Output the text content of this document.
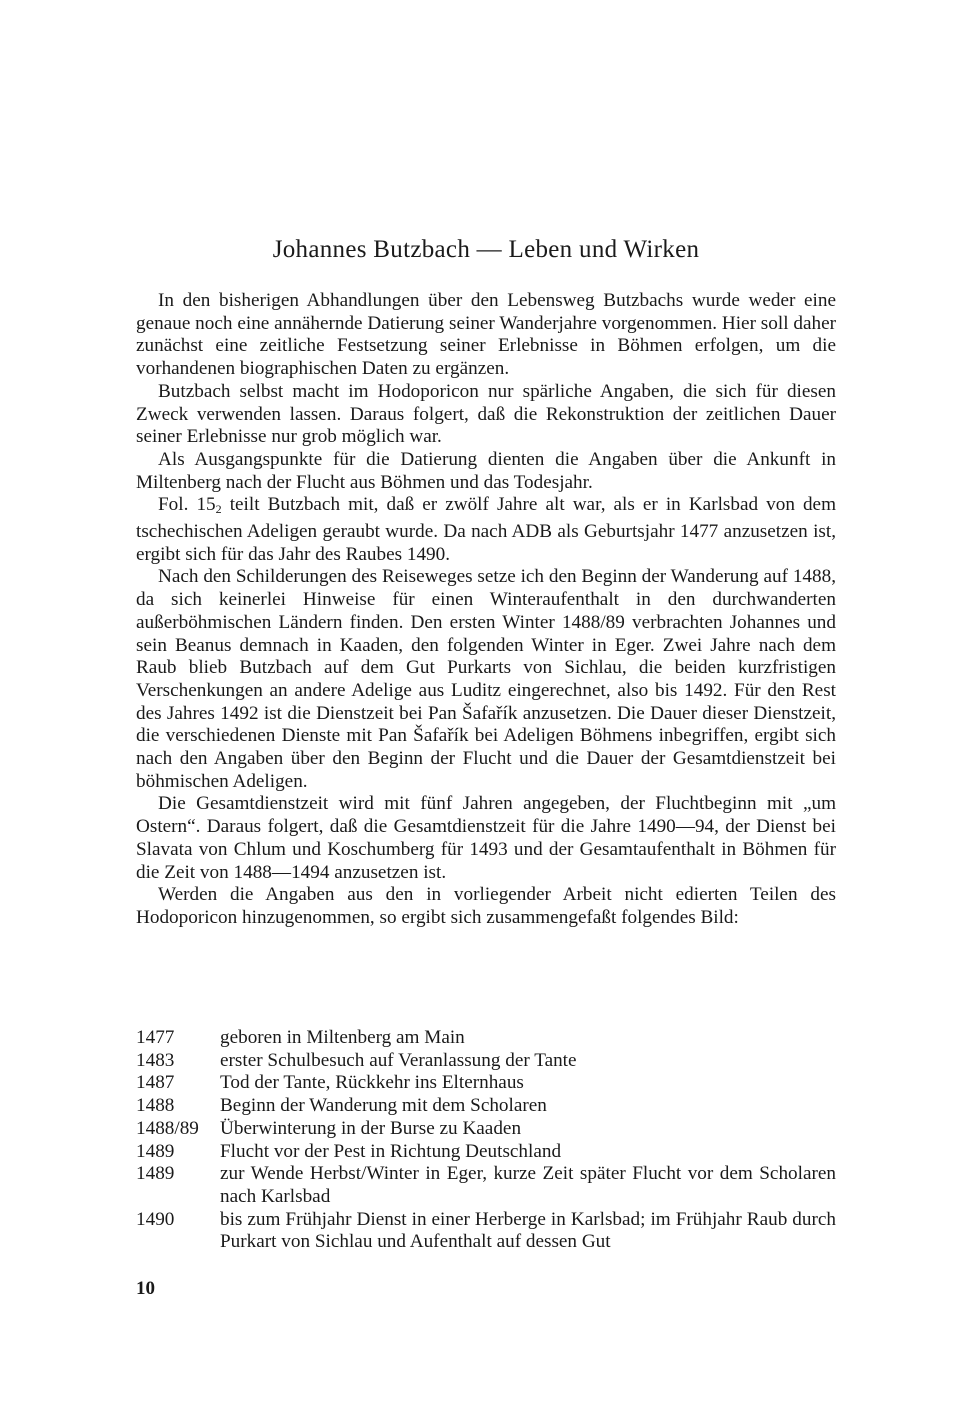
Johannes Butzbach — Leben und Wirken

In den bisherigen Abhandlungen über den Lebensweg Butzbachs wurde weder eine genaue noch eine annähernde Datierung seiner Wanderjahre vorgenommen. Hier soll daher zunächst eine zeitliche Festsetzung seiner Erlebnisse in Böhmen erfolgen, um die vorhandenen biographischen Daten zu ergänzen.

Butzbach selbst macht im Hodoporicon nur spärliche Angaben, die sich für diesen Zweck verwenden lassen. Daraus folgert, daß die Rekonstruktion der zeitlichen Dauer seiner Erlebnisse nur grob möglich war.

Als Ausgangspunkte für die Datierung dienten die Angaben über die Ankunft in Miltenberg nach der Flucht aus Böhmen und das Todesjahr.

Fol. $15_2$ teilt Butzbach mit, daß er zwölf Jahre alt war, als er in Karlsbad von dem tschechischen Adeligen geraubt wurde. Da nach ADB als Geburtsjahr 1477 anzusetzen ist, ergibt sich für das Jahr des Raubes 1490.

Nach den Schilderungen des Reiseweges setze ich den Beginn der Wanderung auf 1488, da sich keinerlei Hinweise für einen Winteraufenthalt in den durchwanderten außerböhmischen Ländern finden. Den ersten Winter 1488/89 verbrachten Johannes und sein Beanus demnach in Kaaden, den folgenden Winter in Eger. Zwei Jahre nach dem Raub blieb Butzbach auf dem Gut Purkarts von Sichlau, die beiden kurzfristigen Verschenkungen an andere Adelige aus Luditz eingerechnet, also bis 1492. Für den Rest des Jahres 1492 ist die Dienstzeit bei Pan Šafařík anzusetzen. Die Dauer dieser Dienstzeit, die verschiedenen Dienste mit Pan Šafařík bei Adeligen Böhmens inbegriffen, ergibt sich nach den Angaben über den Beginn der Flucht und die Dauer der Gesamtdienstzeit bei böhmischen Adeligen.

Die Gesamtdienstzeit wird mit fünf Jahren angegeben, der Fluchtbeginn mit „um Ostern“. Daraus folgert, daß die Gesamtdienstzeit für die Jahre 1490—94, der Dienst bei Slavata von Chlum und Koschumberg für 1493 und der Gesamtaufenthalt in Böhmen für die Zeit von 1488—1494 anzusetzen ist.

Werden die Angaben aus den in vorliegender Arbeit nicht edierten Teilen des Hodoporicon hinzugenommen, so ergibt sich zusammengefaßt folgendes Bild:

1477	geboren in Miltenberg am Main
1483	erster Schulbesuch auf Veranlassung der Tante
1487	Tod der Tante, Rückkehr ins Elternhaus
1488	Beginn der Wanderung mit dem Scholaren
1488/89	Überwinterung in der Burse zu Kaaden
1489	Flucht vor der Pest in Richtung Deutschland
1489	zur Wende Herbst/Winter in Eger, kurze Zeit später Flucht vor dem Scholaren nach Karlsbad
1490	bis zum Frühjahr Dienst in einer Herberge in Karlsbad; im Frühjahr Raub durch Purkart von Sichlau und Aufenthalt auf dessen Gut
10
